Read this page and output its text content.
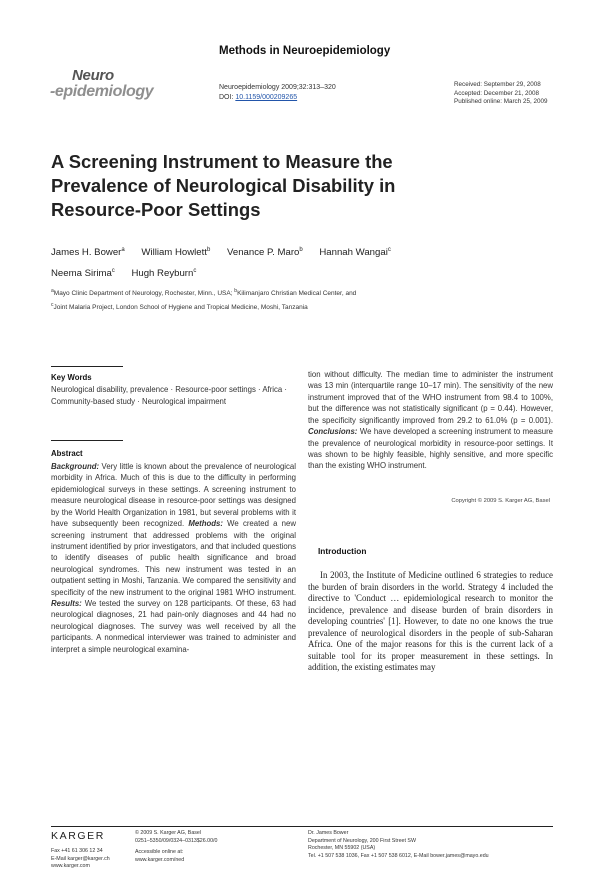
Neuro
-epidemiology
Methods in Neuroepidemiology
Neuroepidemiology 2009;32:313–320
DOI: 10.1159/000209265
Received: September 29, 2008
Accepted: December 21, 2008
Published online: March 25, 2009
A Screening Instrument to Measure the Prevalence of Neurological Disability in Resource-Poor Settings
James H. Bower$^a$ William Howlett$^b$ Venance P. Maro$^b$ Hannah Wangai$^c$
Neema Sirima$^c$ Hugh Reyburn$^c$
$^a$Mayo Clinic Department of Neurology, Rochester, Minn., USA; $^b$Kilimanjaro Christian Medical Center, and
$^c$Joint Malaria Project, London School of Hygiene and Tropical Medicine, Moshi, Tanzania
Key Words
Neurological disability, prevalence · Resource-poor settings · Africa · Community-based study · Neurological impairment
Abstract
Background: Very little is known about the prevalence of neurological morbidity in Africa. Much of this is due to the difficulty in performing epidemiological surveys in these settings. A screening instrument to measure neurological disease in resource-poor settings was designed by the World Health Organization in 1981, but several problems with it have subsequently been recognized. Methods: We created a new screening instrument that addressed problems with the original instrument identified by prior investigators, and that included questions to identify diseases of public health significance and broad neurological syndromes. This new instrument was tested in an outpatient setting in Moshi, Tanzania. We compared the sensitivity and specificity of the new instrument to the original 1981 WHO instrument. Results: We tested the survey on 128 participants. Of these, 63 had neurological diagnoses, 21 had pain-only diagnoses and 44 had no neurological diagnoses. The survey was well received by all the participants. A nonmedical interviewer was trained to administer and interpret a simple neurological examina-
tion without difficulty. The median time to administer the instrument was 13 min (interquartile range 10–17 min). The sensitivity of the new instrument improved that of the WHO instrument from 98.4 to 100%, but the difference was not statistically significant (p = 0.44). However, the specificity significantly improved from 29.2 to 61.0% (p = 0.001). Conclusions: We have developed a screening instrument to measure the prevalence of neurological morbidity in resource-poor settings. It was shown to be highly feasible, highly sensitive, and more specific than the existing WHO instrument.
Copyright © 2009 S. Karger AG, Basel
Introduction
In 2003, the Institute of Medicine outlined 6 strategies to reduce the burden of brain disorders in the world. Strategy 4 included the directive to 'Conduct … epidemiological research to monitor the incidence, prevalence and disease burden of brain disorders in developing countries' [1]. However, to date no one knows the true prevalence of neurological disorders in the people of sub-Saharan Africa. One of the major reasons for this is the current lack of a suitable tool for its proper measurement in these settings. In addition, the existing estimates may
KARGER
Fax +41 61 306 12 34
E-Mail karger@karger.ch
www.karger.com
© 2009 S. Karger AG, Basel
0251–5350/09/0324–0313$26.00/0
Accessible online at:
www.karger.com/ned
Dr. James Bower
Department of Neurology, 200 First Street SW
Rochester, MN 55902 (USA)
Tel. +1 507 538 1036, Fax +1 507 538 6012, E-Mail bower.james@mayo.edu
